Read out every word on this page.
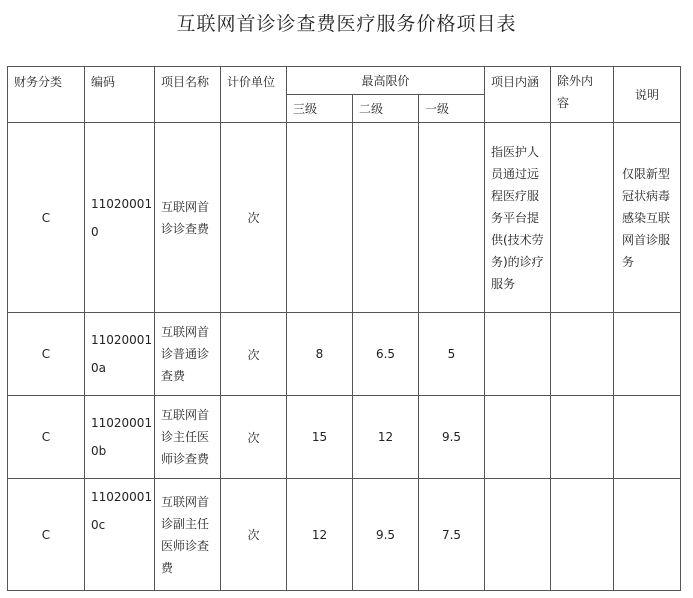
互联网首诊诊查费医疗服务价格项目表
财务分类	编码	项目名称	计价单位	最高限价			项目内涵	除外内容	说明
				三级	二级	一级			
C	110200010	互联网首诊诊查费	次				指医护人员通过远程医疗服务平台提供(技术劳务)的诊疗服务		仅限新型冠状病毒感染互联网首诊服务
C	110200010a	互联网首诊普通诊查费	次	8	6.5	5			
C	110200010b	互联网首诊主任医师诊查费	次	15	12	9.5			
C	110200010c	互联网首诊副主任医师诊查费	次	12	9.5	7.5			
